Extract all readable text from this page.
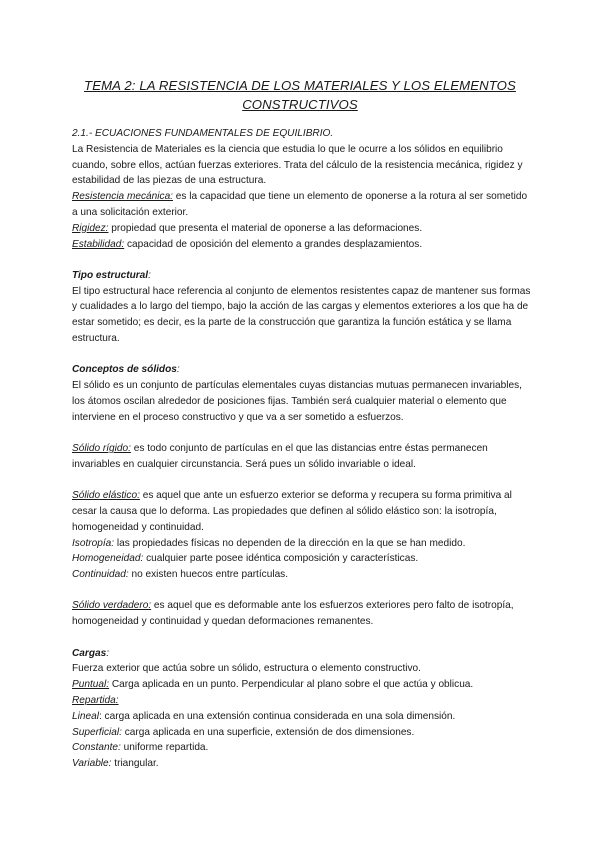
TEMA 2: LA RESISTENCIA DE LOS MATERIALES Y LOS ELEMENTOS
CONSTRUCTIVOS

2.1.- ECUACIONES FUNDAMENTALES DE EQUILIBRIO.

La Resistencia de Materiales es la ciencia que estudia lo que le ocurre a los sólidos en equilibrio cuando, sobre ellos, actúan fuerzas exteriores. Trata del cálculo de la resistencia mecánica, rigidez y estabilidad de las piezas de una estructura.

Resistencia mecánica: es la capacidad que tiene un elemento de oponerse a la rotura al ser sometido a una solicitación exterior.

Rigidez: propiedad que presenta el material de oponerse a las deformaciones.

Estabilidad: capacidad de oposición del elemento a grandes desplazamientos.

Tipo estructural:

El tipo estructural hace referencia al conjunto de elementos resistentes capaz de mantener sus formas y cualidades a lo largo del tiempo, bajo la acción de las cargas y elementos exteriores a los que ha de estar sometido; es decir, es la parte de la construcción que garantiza la función estática y se llama estructura.

Conceptos de sólidos:

El sólido es un conjunto de partículas elementales cuyas distancias mutuas permanecen invariables, los átomos oscilan alrededor de posiciones fijas. También será cualquier material o elemento que interviene en el proceso constructivo y que va a ser sometido a esfuerzos.

Sólido rígido: es todo conjunto de partículas en el que las distancias entre éstas permanecen invariables en cualquier circunstancia. Será pues un sólido invariable o ideal.

Sólido elástico: es aquel que ante un esfuerzo exterior se deforma y recupera su forma primitiva al cesar la causa que lo deforma. Las propiedades que definen al sólido elástico son: la isotropía, homogeneidad y continuidad.

Isotropía: las propiedades físicas no dependen de la dirección en la que se han medido.

Homogeneidad: cualquier parte posee idéntica composición y características.

Continuidad: no existen huecos entre partículas.

Sólido verdadero: es aquel que es deformable ante los esfuerzos exteriores pero falto de isotropía, homogeneidad y continuidad y quedan deformaciones remanentes.

Cargas:

Fuerza exterior que actúa sobre un sólido, estructura o elemento constructivo.

Puntual: Carga aplicada en un punto. Perpendicular al plano sobre el que actúa y oblicua.

Repartida:

Lineal: carga aplicada en una extensión continua considerada en una sola dimensión.

Superficial: carga aplicada en una superficie, extensión de dos dimensiones.

Constante: uniforme repartida.

Variable: triangular.
